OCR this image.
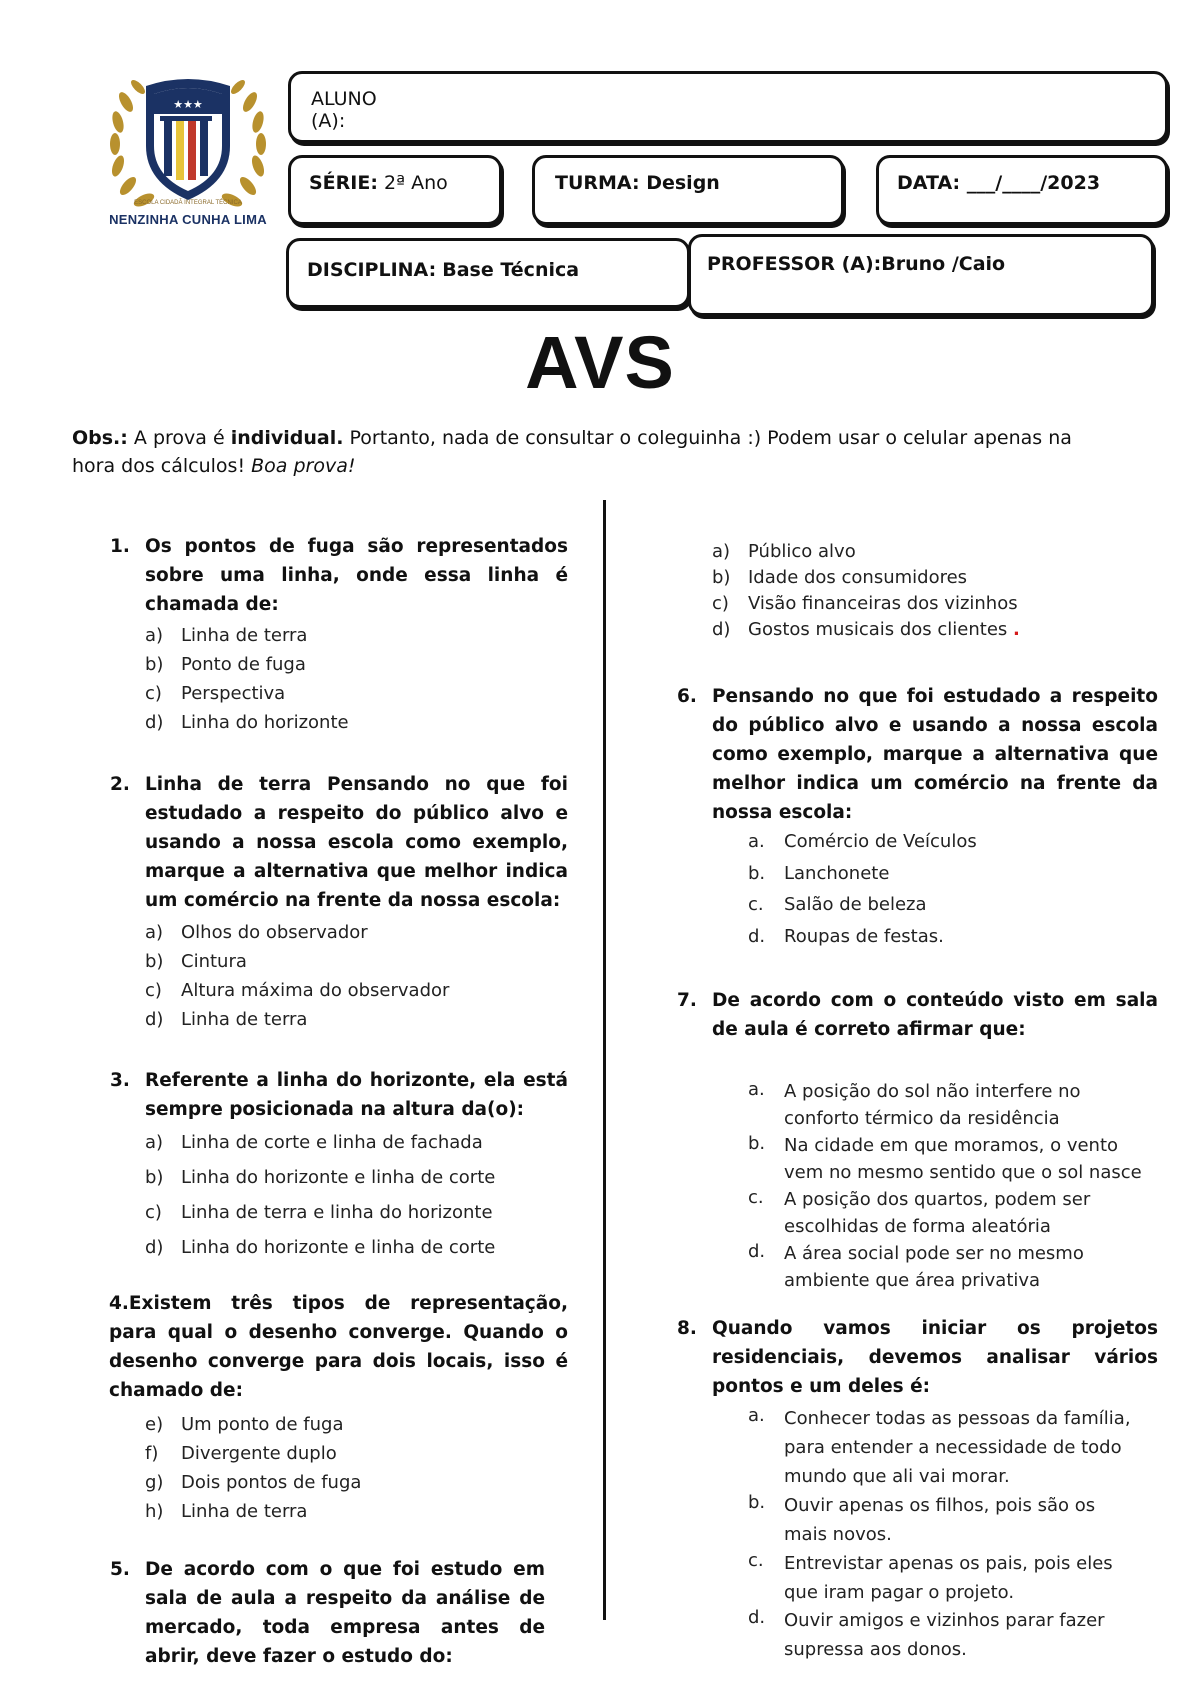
★★★
ESCOLA CIDADÃ INTEGRAL TÉCNICA
NENZINHA CUNHA LIMA
ALUNO
(A):
SÉRIE: 2ª Ano	TURMA: Design	DATA: ___/____/2023
DISCIPLINA: Base Técnica	PROFESSOR (A):Bruno /Caio
AVS
Obs.: A prova é individual. Portanto, nada de consultar o coleguinha :) Podem usar o celular apenas na hora dos cálculos! Boa prova!
1. Os pontos de fuga são representados sobre uma linha, onde essa linha é chamada de:
a) Linha de terra
b) Ponto de fuga
c) Perspectiva
d) Linha do horizonte
2. Linha de terra Pensando no que foi estudado a respeito do público alvo e usando a nossa escola como exemplo, marque a alternativa que melhor indica um comércio na frente da nossa escola:
a) Olhos do observador
b) Cintura
c) Altura máxima do observador
d) Linha de terra
3. Referente a linha do horizonte, ela está sempre posicionada na altura da(o):
a) Linha de corte e linha de fachada
b) Linha do horizonte e linha de corte
c) Linha de terra e linha do horizonte
d) Linha do horizonte e linha de corte
4.Existem três tipos de representação, para qual o desenho converge. Quando o desenho converge para dois locais, isso é chamado de:
e) Um ponto de fuga
f) Divergente duplo
g) Dois pontos de fuga
h) Linha de terra
5. De acordo com o que foi estudo em sala de aula a respeito da análise de mercado, toda empresa antes de abrir, deve fazer o estudo do:
a) Público alvo
b) Idade dos consumidores
c) Visão financeiras dos vizinhos
d) Gostos musicais dos clientes .
6. Pensando no que foi estudado a respeito do público alvo e usando a nossa escola como exemplo, marque a alternativa que melhor indica um comércio na frente da nossa escola:
a. Comércio de Veículos
b. Lanchonete
c. Salão de beleza
d. Roupas de festas.
7. De acordo com o conteúdo visto em sala de aula é correto afirmar que:
a. A posição do sol não interfere no conforto térmico da residência
b. Na cidade em que moramos, o vento vem no mesmo sentido que o sol nasce
c. A posição dos quartos, podem ser escolhidas de forma aleatória
d. A área social pode ser no mesmo ambiente que área privativa
8. Quando vamos iniciar os projetos residenciais, devemos analisar vários pontos e um deles é:
a. Conhecer todas as pessoas da família, para entender a necessidade de todo mundo que ali vai morar.
b. Ouvir apenas os filhos, pois são os mais novos.
c. Entrevistar apenas os pais, pois eles que iram pagar o projeto.
d. Ouvir amigos e vizinhos parar fazer supressa aos donos.
